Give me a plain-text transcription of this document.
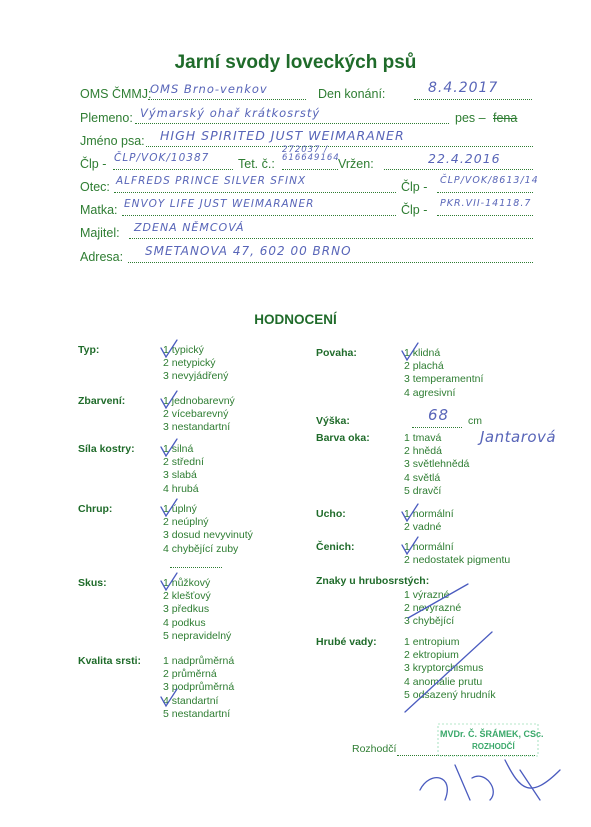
Jarní svody loveckých psů
OMS ČMMJ:
OMS Brno-venkov	Den konání:	8.4.2017
Plemeno: Výmarský ohař krátkosrstý	pes – fena
Jméno psa: HIGH SPIRITED JUST WEIMARANER
Člp - ČLP/VOK/10387 Tet. č.:
272037 / 616649164
Vržen:	22.4.2016
Otec: ALFREDS PRINCE SILVER SFINX	Člp - ČLP/VOK/8613/14
Matka: ENVOY LIFE JUST WEIMARANER	Člp - PKR.VII-14118.7
Majitel: ZDENA NĚMCOVÁ
Adresa: SMETANOVA 47, 602 00 BRNO
HODNOCENÍ
Typ:	1 typický
2 netypický
3 nevyjádřený
Zbarvení:	1 jednobarevný
2 vícebarevný
3 nestandartní
Síla kostry:	1 silná
2 střední
3 slabá
4 hrubá
Chrup:	1 úplný
2 neúplný
3 dosud nevyvinutý
4 chybějící zuby
Skus:	1 nůžkový
2 klešťový
3 předkus
4 podkus
5 nepravidelný
Kvalita srsti: 1 nadprůměrná
2 průměrná
3 podprůměrná
4 standartní
5 nestandartní
Povaha:	1 klidná
2 plachá
3 temperamentní
4 agresivní
Výška:	68 cm
Barva oka:	1 tmavá
2 hnědá
3 světlehnědá
4 světlá
5 dravčí
Jantarová
Ucho:	1 normální
2 vadné
Čenich:	1 normální
2 nedostatek pigmentu
Znaky u hrubosrstých:
1 výrazné
2 nevýrazné
3 chybějící
Hrubé vady:	1 entropium
2 ektropium
3 kryptorchismus
4 anomálie prutu
5 odsazený hrudník
Rozhodčí
MVDr. Č. ŠRÁMEK, CSc.
ROZHODČÍ
